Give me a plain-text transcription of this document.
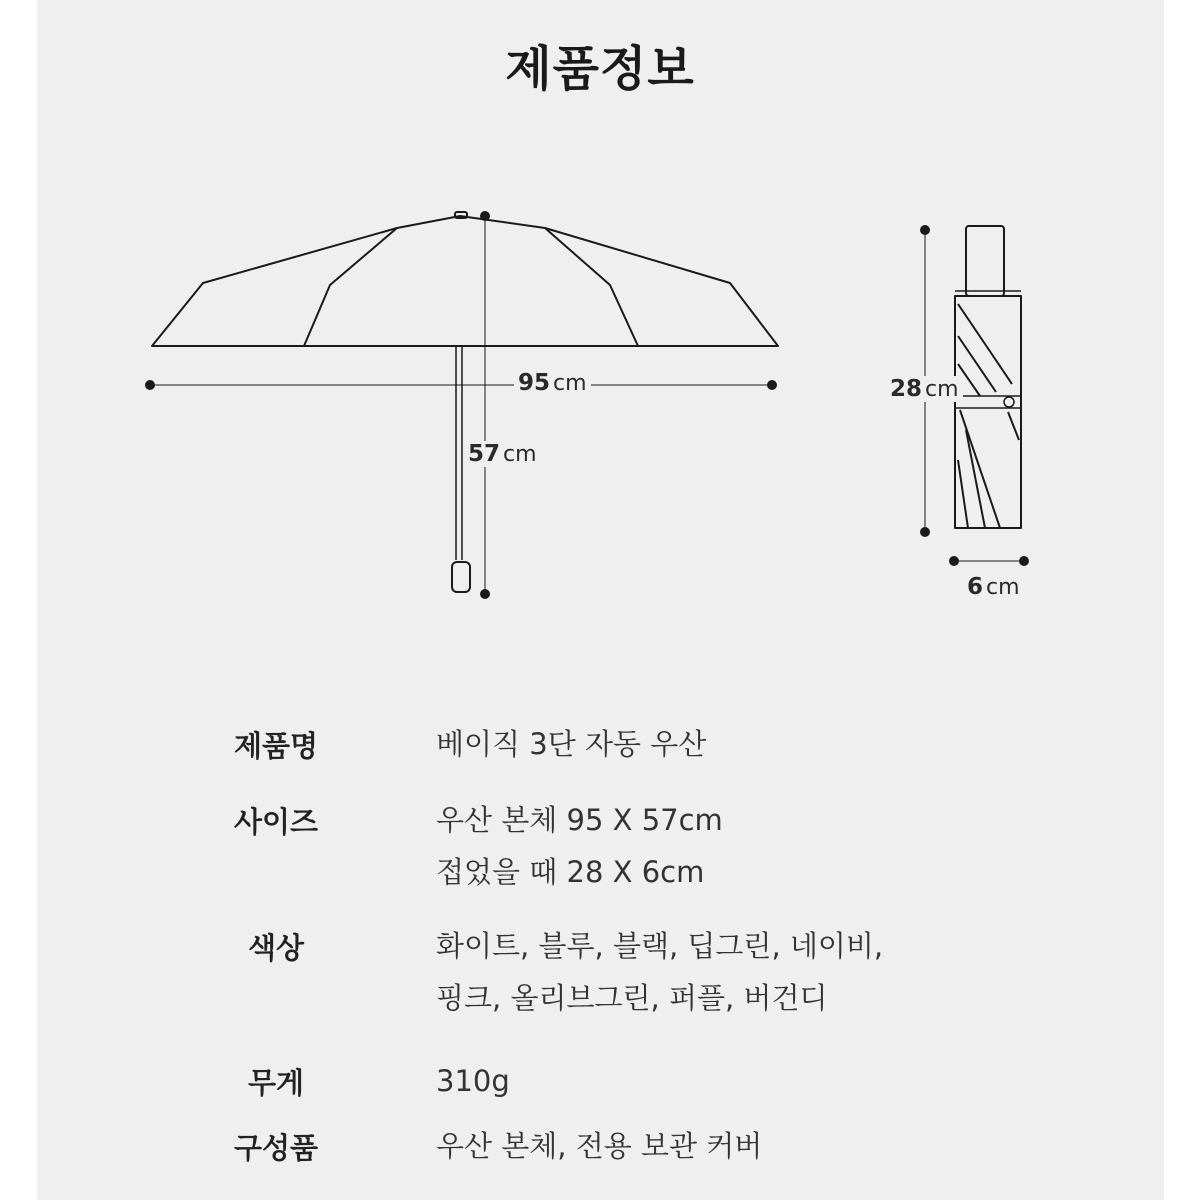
제품정보
95 cm
57 cm
28 cm
6 cm
제품명	베이직 3단 자동 우산
사이즈	우산 본체 95 X 57cm
접었을 때 28 X 6cm
색상	화이트, 블루, 블랙, 딥그린, 네이비,
핑크, 올리브그린, 퍼플, 버건디
무게	310g
구성품	우산 본체, 전용 보관 커버
